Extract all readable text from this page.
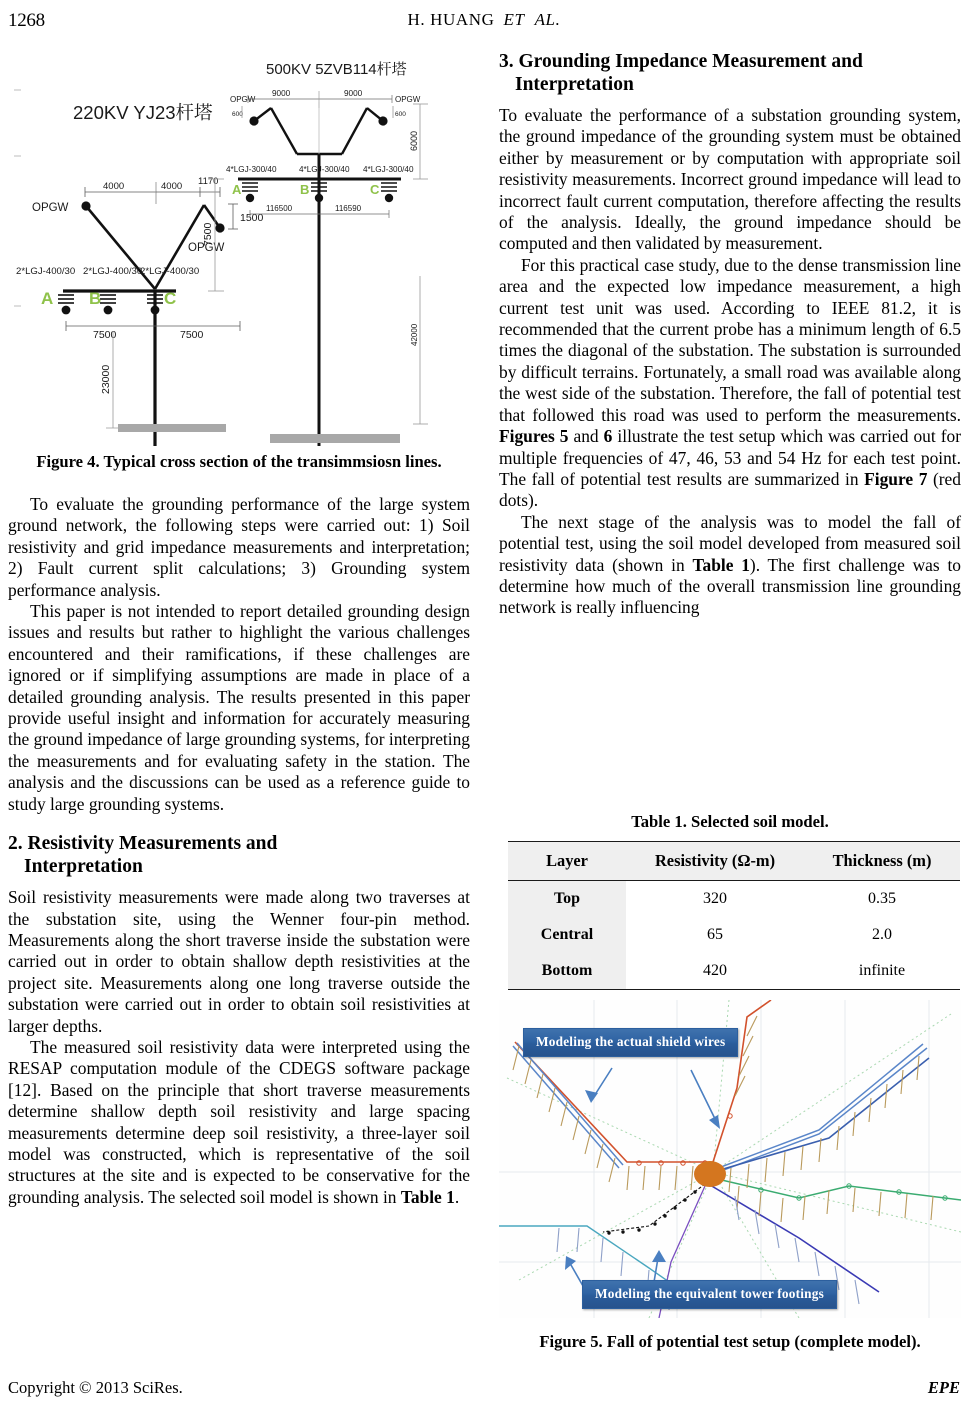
1268	H. HUANG ET AL.
220KV YJ23杆塔
4000	4000 1170
OPGW
OPGW
1500
2*LGJ-400/30 2*LGJ-400/30
2*LGJ-400/30
A B	C
7500	7500
23000
500KV 5ZVB114杆塔
9000	9000
OPGW	OPGW
600	600
4*LGJ-300/40	4*LGJ-300/40 4*LGJ-300/40
A	B	C
116500	116590
7500
6000
42000
Figure 4. Typical cross section of the transimmsiosn lines.

To evaluate the grounding performance of the large system ground network, the following steps were carried out: 1) Soil resistivity and grid impedance measurements and interpretation; 2) Fault current split calculations; 3) Grounding system performance analysis.

This paper is not intended to report detailed grounding design issues and results but rather to highlight the various challenges encountered and their ramifications, if these challenges are ignored or if simplifying assumptions are made in place of a detailed grounding analysis. The results presented in this paper provide useful insight and information for accurately measuring the ground impedance of large grounding systems, for interpreting the measurements and for evaluating safety in the station. The analysis and the discussions can be used as a reference guide to study large grounding systems.

2. Resistivity Measurements and
Interpretation

Soil resistivity measurements were made along two traverses at the substation site, using the Wenner four-pin method. Measurements along the short traverse inside the substation were carried out in order to obtain shallow depth resistivities at the project site. Measurements along one long traverse outside the substation were carried out in order to obtain soil resistivities at larger depths.

The measured soil resistivity data were interpreted using the RESAP computation module of the CDEGS software package [12]. Based on the principle that short traverse measurements determine shallow depth soil resistivity and large spacing measurements determine deep soil resistivity, a three-layer soil model was constructed, which is representative of the soil structures at the site and is expected to be conservative for the grounding analysis. The selected soil model is shown in Table 1.

3. Grounding Impedance Measurement and
Interpretation

To evaluate the performance of a substation grounding system, the ground impedance of the grounding system must be obtained either by measurement or by computation with appropriate soil resistivity measurements. Incorrect ground impedance will lead to incorrect fault current computation, therefore affecting the results of the analysis. Ideally, the ground impedance should be computed and then validated by measurement.

For this practical case study, due to the dense transmission line area and the expected low impedance measurement, a high current test unit was used. According to IEEE 81.2, it is recommended that the current probe has a minimum length of 6.5 times the diagonal of the substation. The substation is surrounded by difficult terrains. Fortunately, a small road was available along the west side of the substation. Therefore, the fall of potential test that followed this road was used to perform the measurements. Figures 5 and 6 illustrate the test setup which was carried out for multiple frequencies of 47, 46, 53 and 54 Hz for each test point. The fall of potential test results are summarized in Figure 7 (red dots).

The next stage of the analysis was to model the fall of potential test, using the soil model developed from measured soil resistivity data (shown in Table 1). The first challenge was to determine how much of the overall transmission line grounding network is really influencing

Table 1. Selected soil model.
Layer	Resistivity (Ω-m)	Thickness (m)
Top	320	0.35
Central	65	2.0
Bottom	420	infinite
Modeling the actual shield wires
Modeling the equivalent tower footings
Figure 5. Fall of potential test setup (complete model).
Copyright © 2013 SciRes.	EPE
